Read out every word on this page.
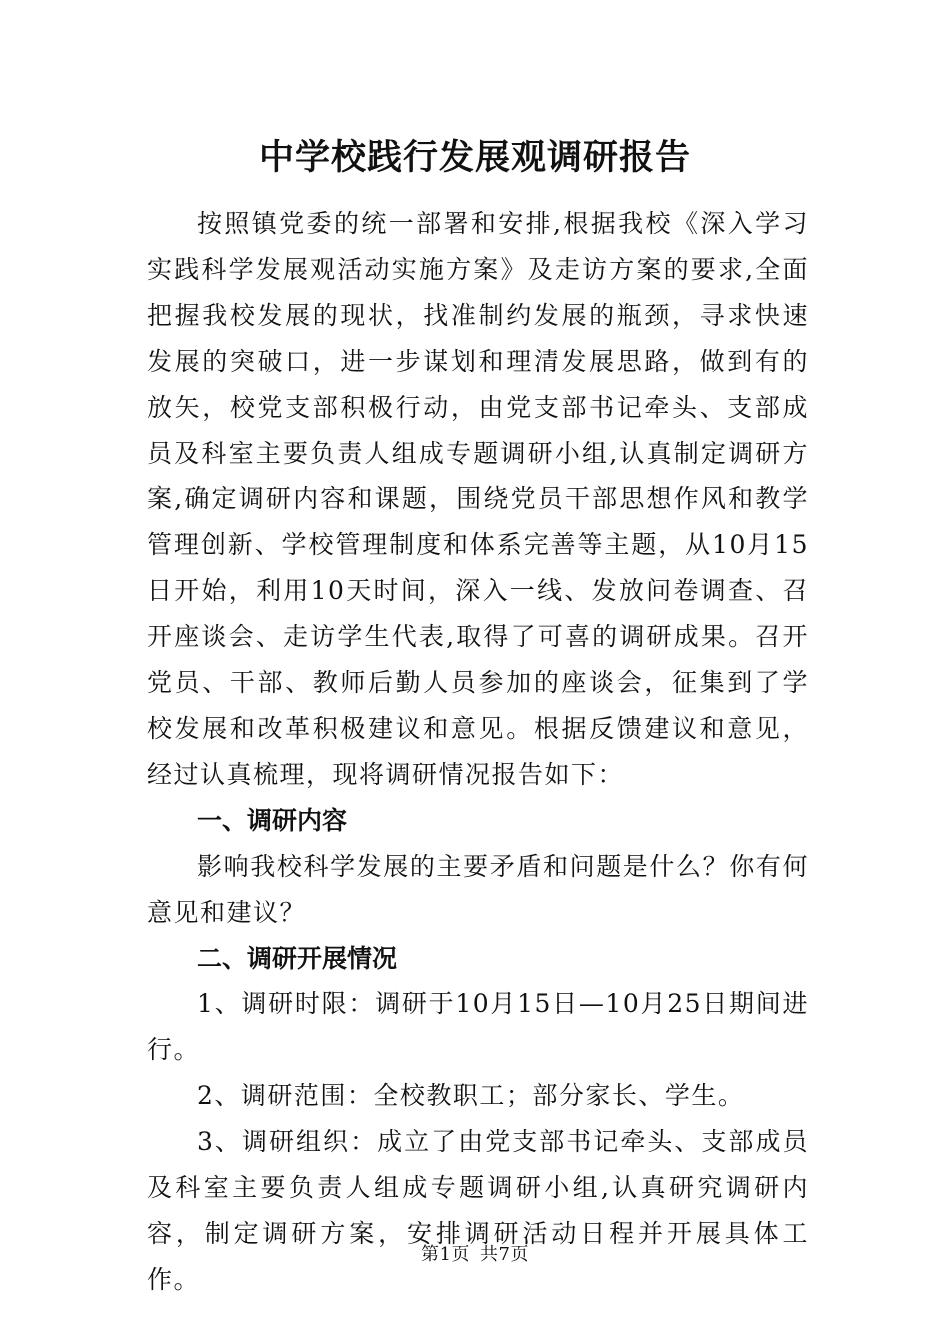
中学校践行发展观调研报告

按照镇党委的统一部署和安排,根据我校《深入学习实践科学发展观活动实施方案》及走访方案的要求,全面把握我校发展的现状，找准制约发展的瓶颈，寻求快速发展的突破口，进一步谋划和理清发展思路，做到有的放矢，校党支部积极行动，由党支部书记牵头、支部成员及科室主要负责人组成专题调研小组,认真制定调研方案,确定调研内容和课题，围绕党员干部思想作风和教学管理创新、学校管理制度和体系完善等主题，从10月15日开始，利用10天时间，深入一线、发放问卷调查、召开座谈会、走访学生代表,取得了可喜的调研成果。召开党员、干部、教师后勤人员参加的座谈会，征集到了学校发展和改革积极建议和意见。根据反馈建议和意见，经过认真梳理，现将调研情况报告如下：

一、调研内容

影响我校科学发展的主要矛盾和问题是什么？你有何意见和建议？

二、调研开展情况

1、调研时限：调研于10月15日—10月25日期间进行。

2、调研范围：全校教职工；部分家长、学生。

3、调研组织：成立了由党支部书记牵头、支部成员及科室主要负责人组成专题调研小组,认真研究调研内容，制定调研方案，安排调研活动日程并开展具体工作。

第1页 共7页
